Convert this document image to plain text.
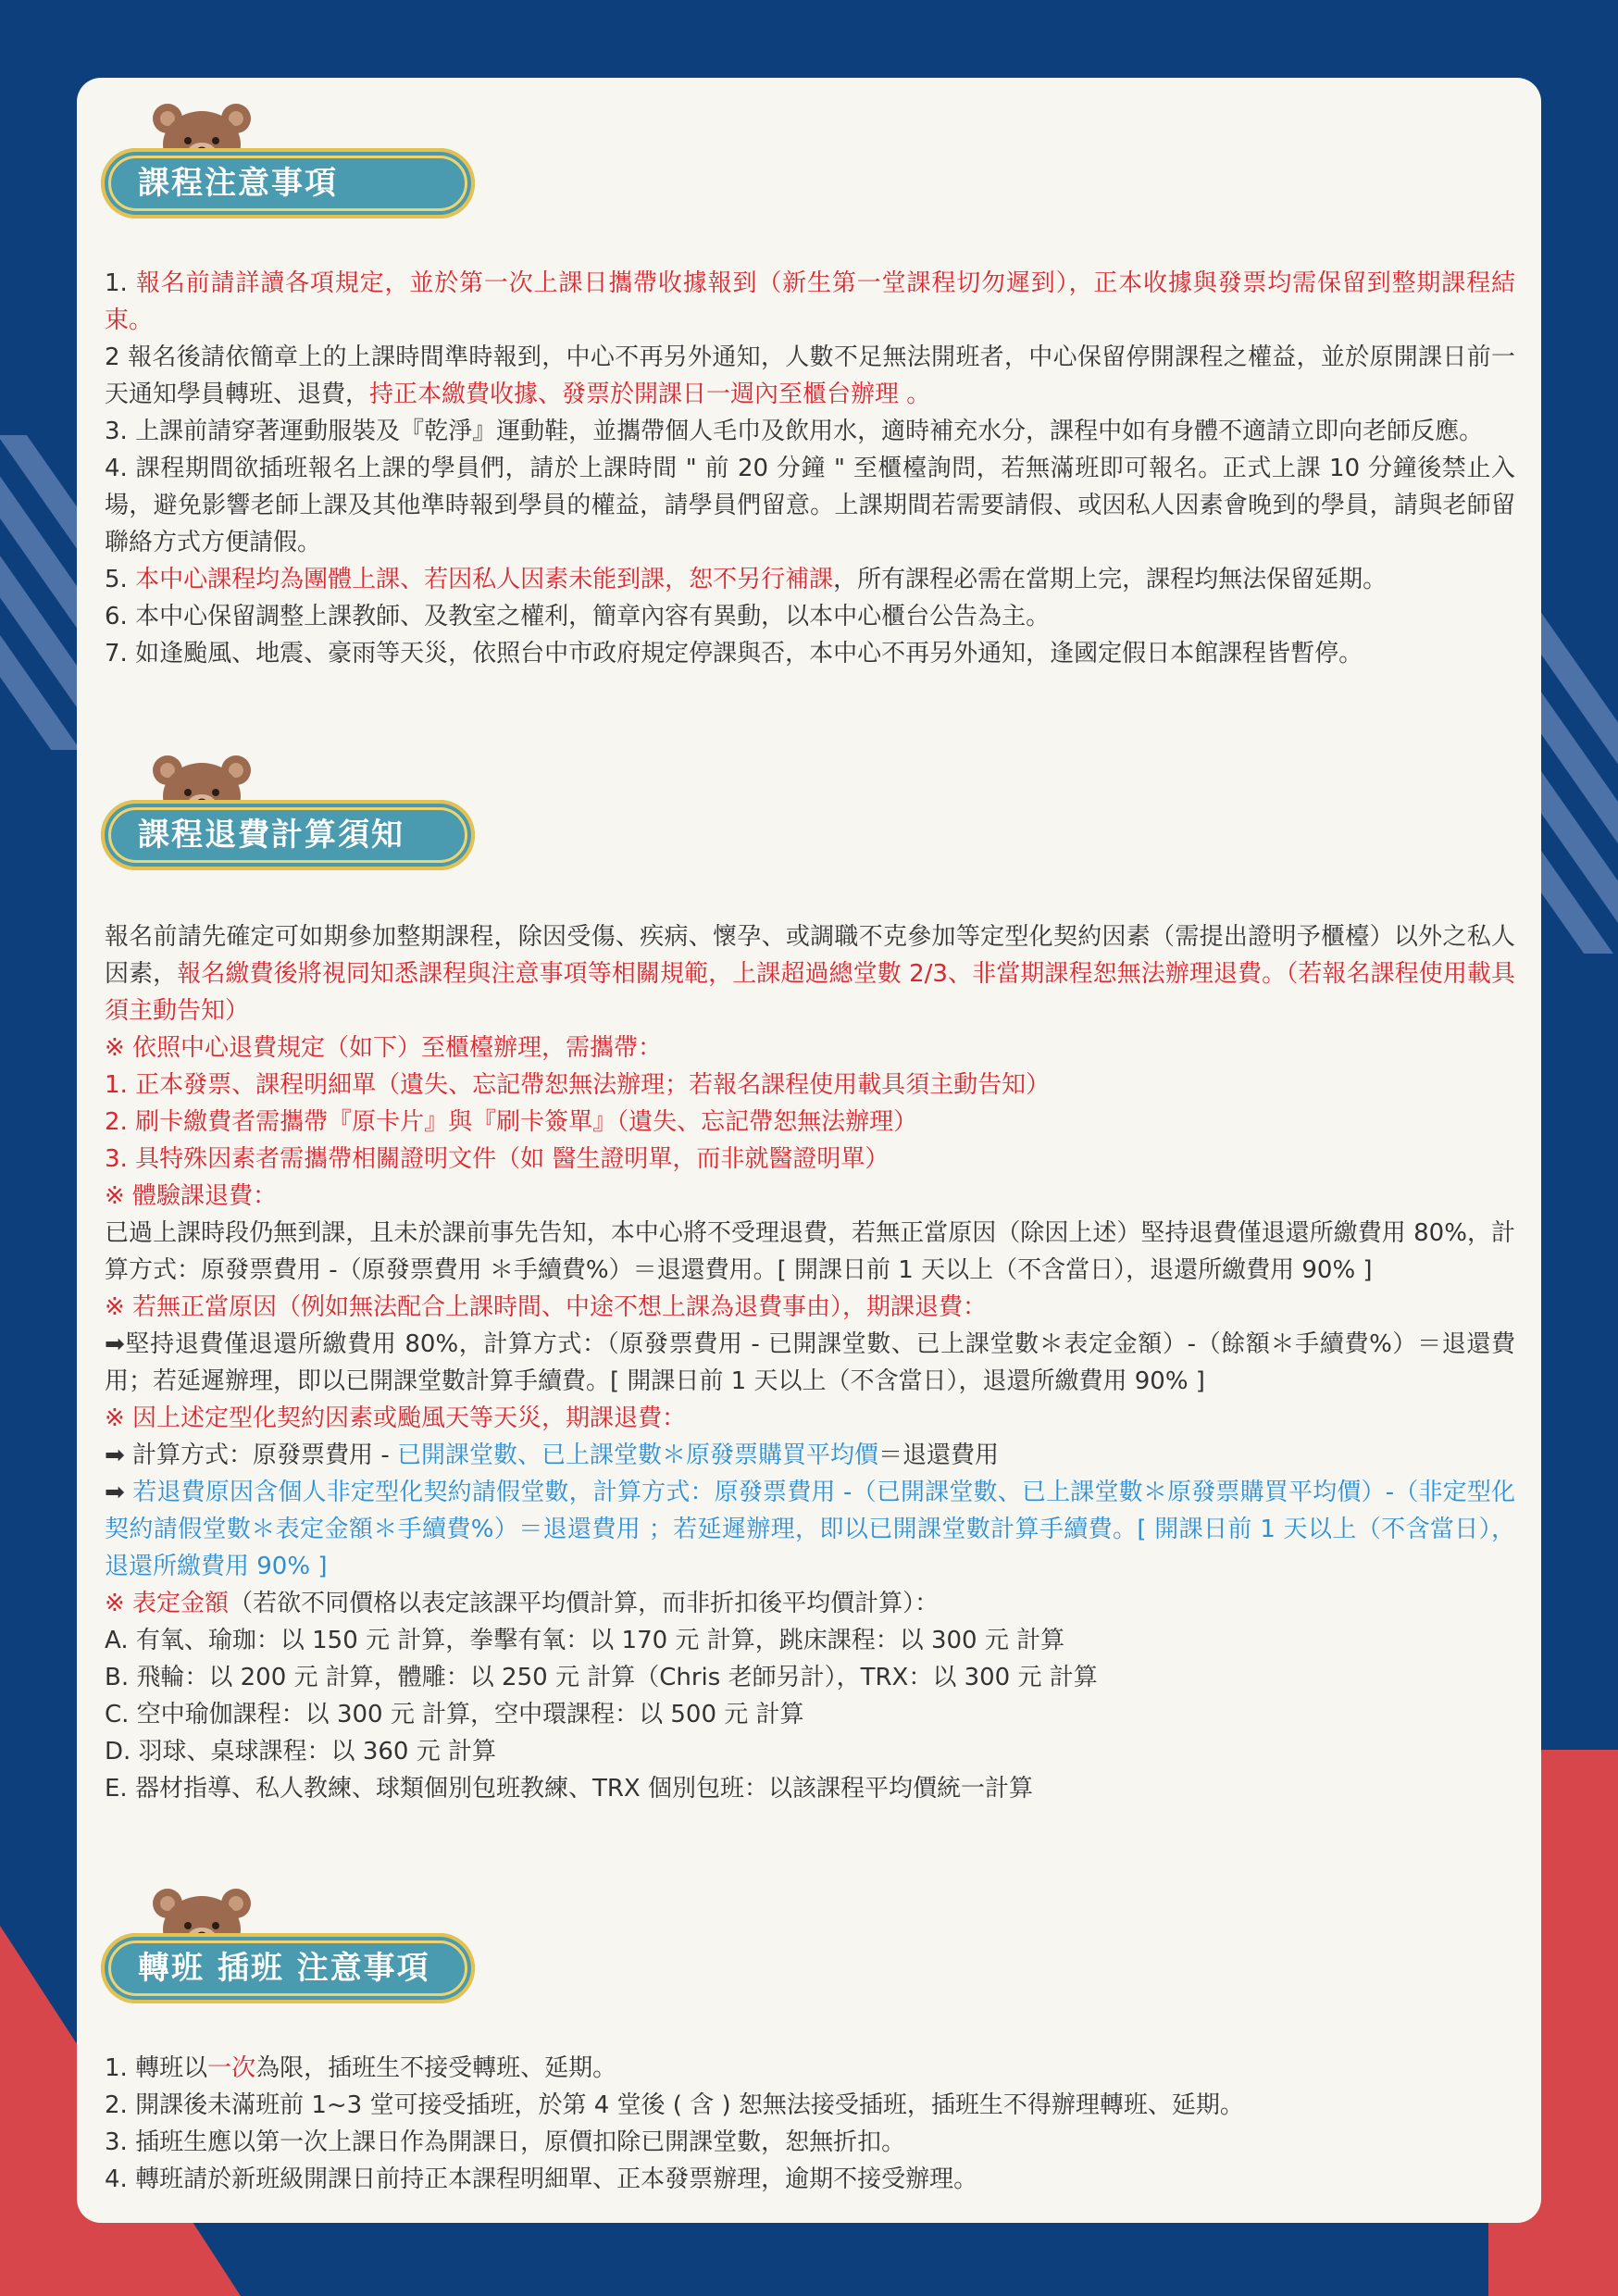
課程注意事項

1. 報名前請詳讀各項規定，並於第一次上課日攜帶收據報到（新生第一堂課程切勿遲到），正本收據與發票均需保留到整期課程結束。

2 報名後請依簡章上的上課時間準時報到，中心不再另外通知，人數不足無法開班者，中心保留停開課程之權益，並於原開課日前一天通知學員轉班、退費，持正本繳費收據、發票於開課日一週內至櫃台辦理 。

3. 上課前請穿著運動服裝及『乾淨』運動鞋，並攜帶個人毛巾及飲用水，適時補充水分，課程中如有身體不適請立即向老師反應。

4. 課程期間欲插班報名上課的學員們，請於上課時間 " 前 20 分鐘 " 至櫃檯詢問，若無滿班即可報名。正式上課 10 分鐘後禁止入場，避免影響老師上課及其他準時報到學員的權益，請學員們留意。上課期間若需要請假、或因私人因素會晚到的學員，請與老師留聯絡方式方便請假。

5. 本中心課程均為團體上課、若因私人因素未能到課，恕不另行補課，所有課程必需在當期上完，課程均無法保留延期。

6. 本中心保留調整上課教師、及教室之權利，簡章內容有異動，以本中心櫃台公告為主。

7. 如逢颱風、地震、豪雨等天災，依照台中市政府規定停課與否，本中心不再另外通知，逢國定假日本館課程皆暫停。

課程退費計算須知

報名前請先確定可如期參加整期課程，除因受傷、疾病、懷孕、或調職不克參加等定型化契約因素（需提出證明予櫃檯）以外之私人因素，報名繳費後將視同知悉課程與注意事項等相關規範，上課超過總堂數 2/3、非當期課程恕無法辦理退費。（若報名課程使用載具須主動告知）

※ 依照中心退費規定（如下）至櫃檯辦理，需攜帶：

1. 正本發票、課程明細單（遺失、忘記帶恕無法辦理；若報名課程使用載具須主動告知）

2. 刷卡繳費者需攜帶『原卡片』與『刷卡簽單』（遺失、忘記帶恕無法辦理）

3. 具特殊因素者需攜帶相關證明文件（如 醫生證明單，而非就醫證明單）

※ 體驗課退費：

已過上課時段仍無到課，且未於課前事先告知，本中心將不受理退費，若無正當原因（除因上述）堅持退費僅退還所繳費用 80%，計算方式：原發票費用 -（原發票費用 ＊手續費%）＝退還費用。[ 開課日前 1 天以上（不含當日），退還所繳費用 90% ]

※ 若無正當原因（例如無法配合上課時間、中途不想上課為退費事由），期課退費：

➡堅持退費僅退還所繳費用 80%，計算方式：（原發票費用 - 已開課堂數、已上課堂數＊表定金額）-（餘額＊手續費%）＝退還費用；若延遲辦理，即以已開課堂數計算手續費。[ 開課日前 1 天以上（不含當日），退還所繳費用 90% ]

※ 因上述定型化契約因素或颱風天等天災，期課退費：

➡ 計算方式：原發票費用 - 已開課堂數、已上課堂數＊原發票購買平均價＝退還費用

➡ 若退費原因含個人非定型化契約請假堂數，計算方式：原發票費用 -（已開課堂數、已上課堂數＊原發票購買平均價）-（非定型化契約請假堂數＊表定金額＊手續費%）＝退還費用 ；若延遲辦理，即以已開課堂數計算手續費。[ 開課日前 1 天以上（不含當日），退還所繳費用 90% ]

※ 表定金額（若欲不同價格以表定該課平均價計算，而非折扣後平均價計算）：

A. 有氧、瑜珈：以 150 元 計算，拳擊有氧：以 170 元 計算，跳床課程：以 300 元 計算

B. 飛輪：以 200 元 計算，體雕：以 250 元 計算（Chris 老師另計），TRX：以 300 元 計算

C. 空中瑜伽課程：以 300 元 計算，空中環課程：以 500 元 計算

D. 羽球、桌球課程：以 360 元 計算

E. 器材指導、私人教練、球類個別包班教練、TRX 個別包班：以該課程平均價統一計算

轉班 插班 注意事項

1. 轉班以一次為限，插班生不接受轉班、延期。

2. 開課後未滿班前 1~3 堂可接受插班，於第 4 堂後 ( 含 ) 恕無法接受插班，插班生不得辦理轉班、延期。

3. 插班生應以第一次上課日作為開課日，原價扣除已開課堂數，恕無折扣。

4. 轉班請於新班級開課日前持正本課程明細單、正本發票辦理，逾期不接受辦理。
